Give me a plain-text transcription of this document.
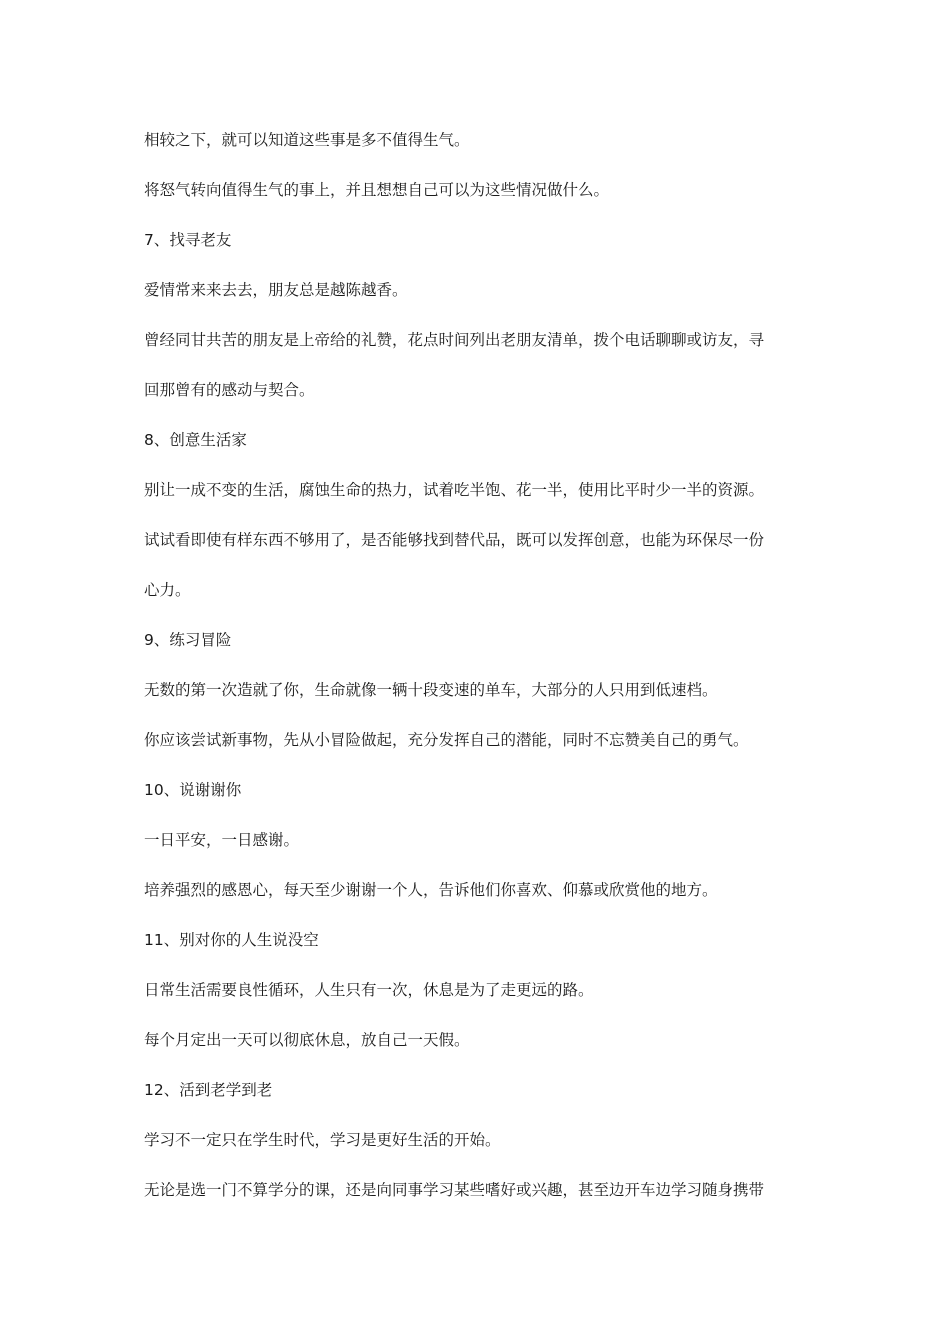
相较之下，就可以知道这些事是多不值得生气。
将怒气转向值得生气的事上，并且想想自己可以为这些情况做什么。
7、找寻老友
爱情常来来去去，朋友总是越陈越香。
曾经同甘共苦的朋友是上帝给的礼赞，花点时间列出老朋友清单，拨个电话聊聊或访友，寻
回那曾有的感动与契合。
8、创意生活家
别让一成不变的生活，腐蚀生命的热力，试着吃半饱、花一半，使用比平时少一半的资源。
试试看即使有样东西不够用了，是否能够找到替代品，既可以发挥创意，也能为环保尽一份
心力。
9、练习冒险
无数的第一次造就了你，生命就像一辆十段变速的单车，大部分的人只用到低速档。
你应该尝试新事物，先从小冒险做起，充分发挥自己的潜能，同时不忘赞美自己的勇气。
10、说谢谢你
一日平安，一日感谢。
培养强烈的感恩心，每天至少谢谢一个人，告诉他们你喜欢、仰慕或欣赏他的地方。
11、别对你的人生说没空
日常生活需要良性循环，人生只有一次，休息是为了走更远的路。
每个月定出一天可以彻底休息，放自己一天假。
12、活到老学到老
学习不一定只在学生时代，学习是更好生活的开始。
无论是选一门不算学分的课，还是向同事学习某些嗜好或兴趣，甚至边开车边学习随身携带
